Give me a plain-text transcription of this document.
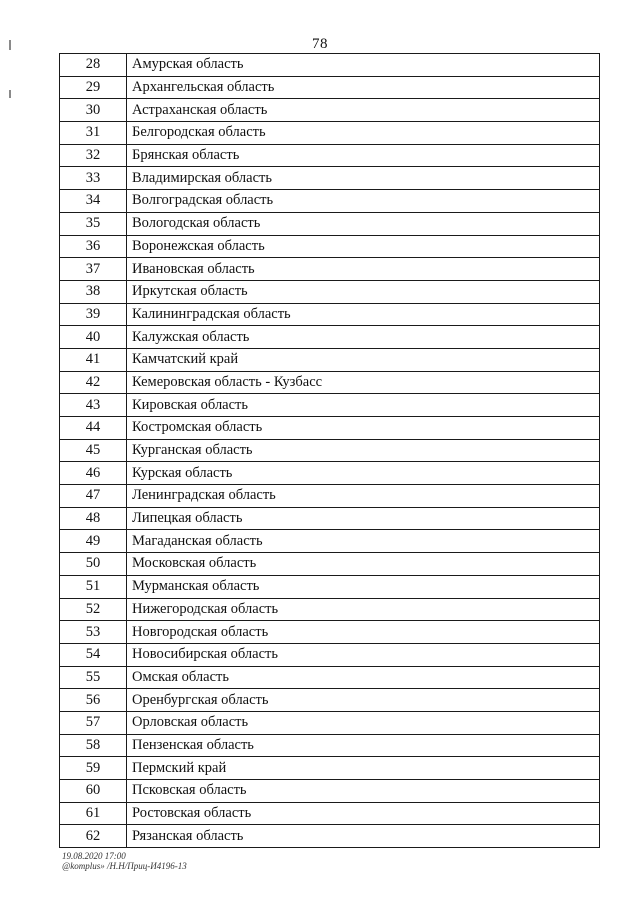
78
28	Амурская область
29	Архангельская область
30	Астраханская область
31	Белгородская область
32	Брянская область
33	Владимирская область
34	Волгоградская область
35	Вологодская область
36	Воронежская область
37	Ивановская область
38	Иркутская область
39	Калининградская область
40	Калужская область
41	Камчатский край
42	Кемеровская область - Кузбасс
43	Кировская область
44	Костромская область
45	Курганская область
46	Курская область
47	Ленинградская область
48	Липецкая область
49	Магаданская область
50	Московская область
51	Мурманская область
52	Нижегородская область
53	Новгородская область
54	Новосибирская область
55	Омская область
56	Оренбургская область
57	Орловская область
58	Пензенская область
59	Пермский край
60	Псковская область
61	Ростовская область
62	Рязанская область
19.08.2020 17:00
@komplus» /Н.Н/Приц-И4196-13
